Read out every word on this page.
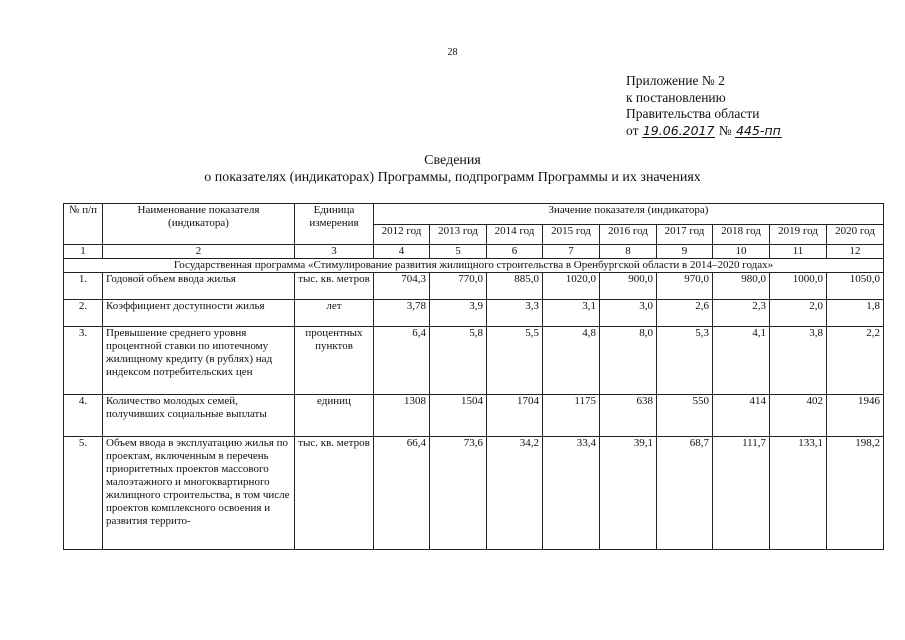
28
Приложение № 2
к постановлению
Правительства области
от 19.06.2017 № 445-пп
Сведения
о показателях (индикаторах) Программы, подпрограмм Программы и их значениях
№ п/п	Наименование показателя (индикатора)	Единица измерения	Значение показателя (индикатора)								
			2012 год	2013 год	2014 год	2015 год	2016 год	2017 год	2018 год	2019 год	2020 год
1	2	3	4	5	6	7	8	9	10	11	12
Государственная программа «Стимулирование развития жилищного строительства в Оренбургской области в 2014–2020 годах»											
1.	Годовой объем ввода жилья	тыс. кв. метров	704,3	770,0	885,0	1020,0	900,0	970,0	980,0	1000,0	1050,0
2.	Коэффициент доступности жилья	лет	3,78	3,9	3,3	3,1	3,0	2,6	2,3	2,0	1,8
3.	Превышение среднего уровня процентной ставки по ипотечному жилищному кредиту (в рублях) над индексом потребительских цен	процентных пунктов	6,4	5,8	5,5	4,8	8,0	5,3	4,1	3,8	2,2
4.	Количество молодых семей, получивших социальные выплаты	единиц	1308	1504	1704	1175	638	550	414	402	1946
5.	Объем ввода в эксплуатацию жилья по проектам, включенным в перечень приоритетных проектов массового малоэтажного и многоквартирного жилищного строительства, в том числе проектов комплексного освоения и развития террито-	тыс. кв. метров	66,4	73,6	34,2	33,4	39,1	68,7	111,7	133,1	198,2
